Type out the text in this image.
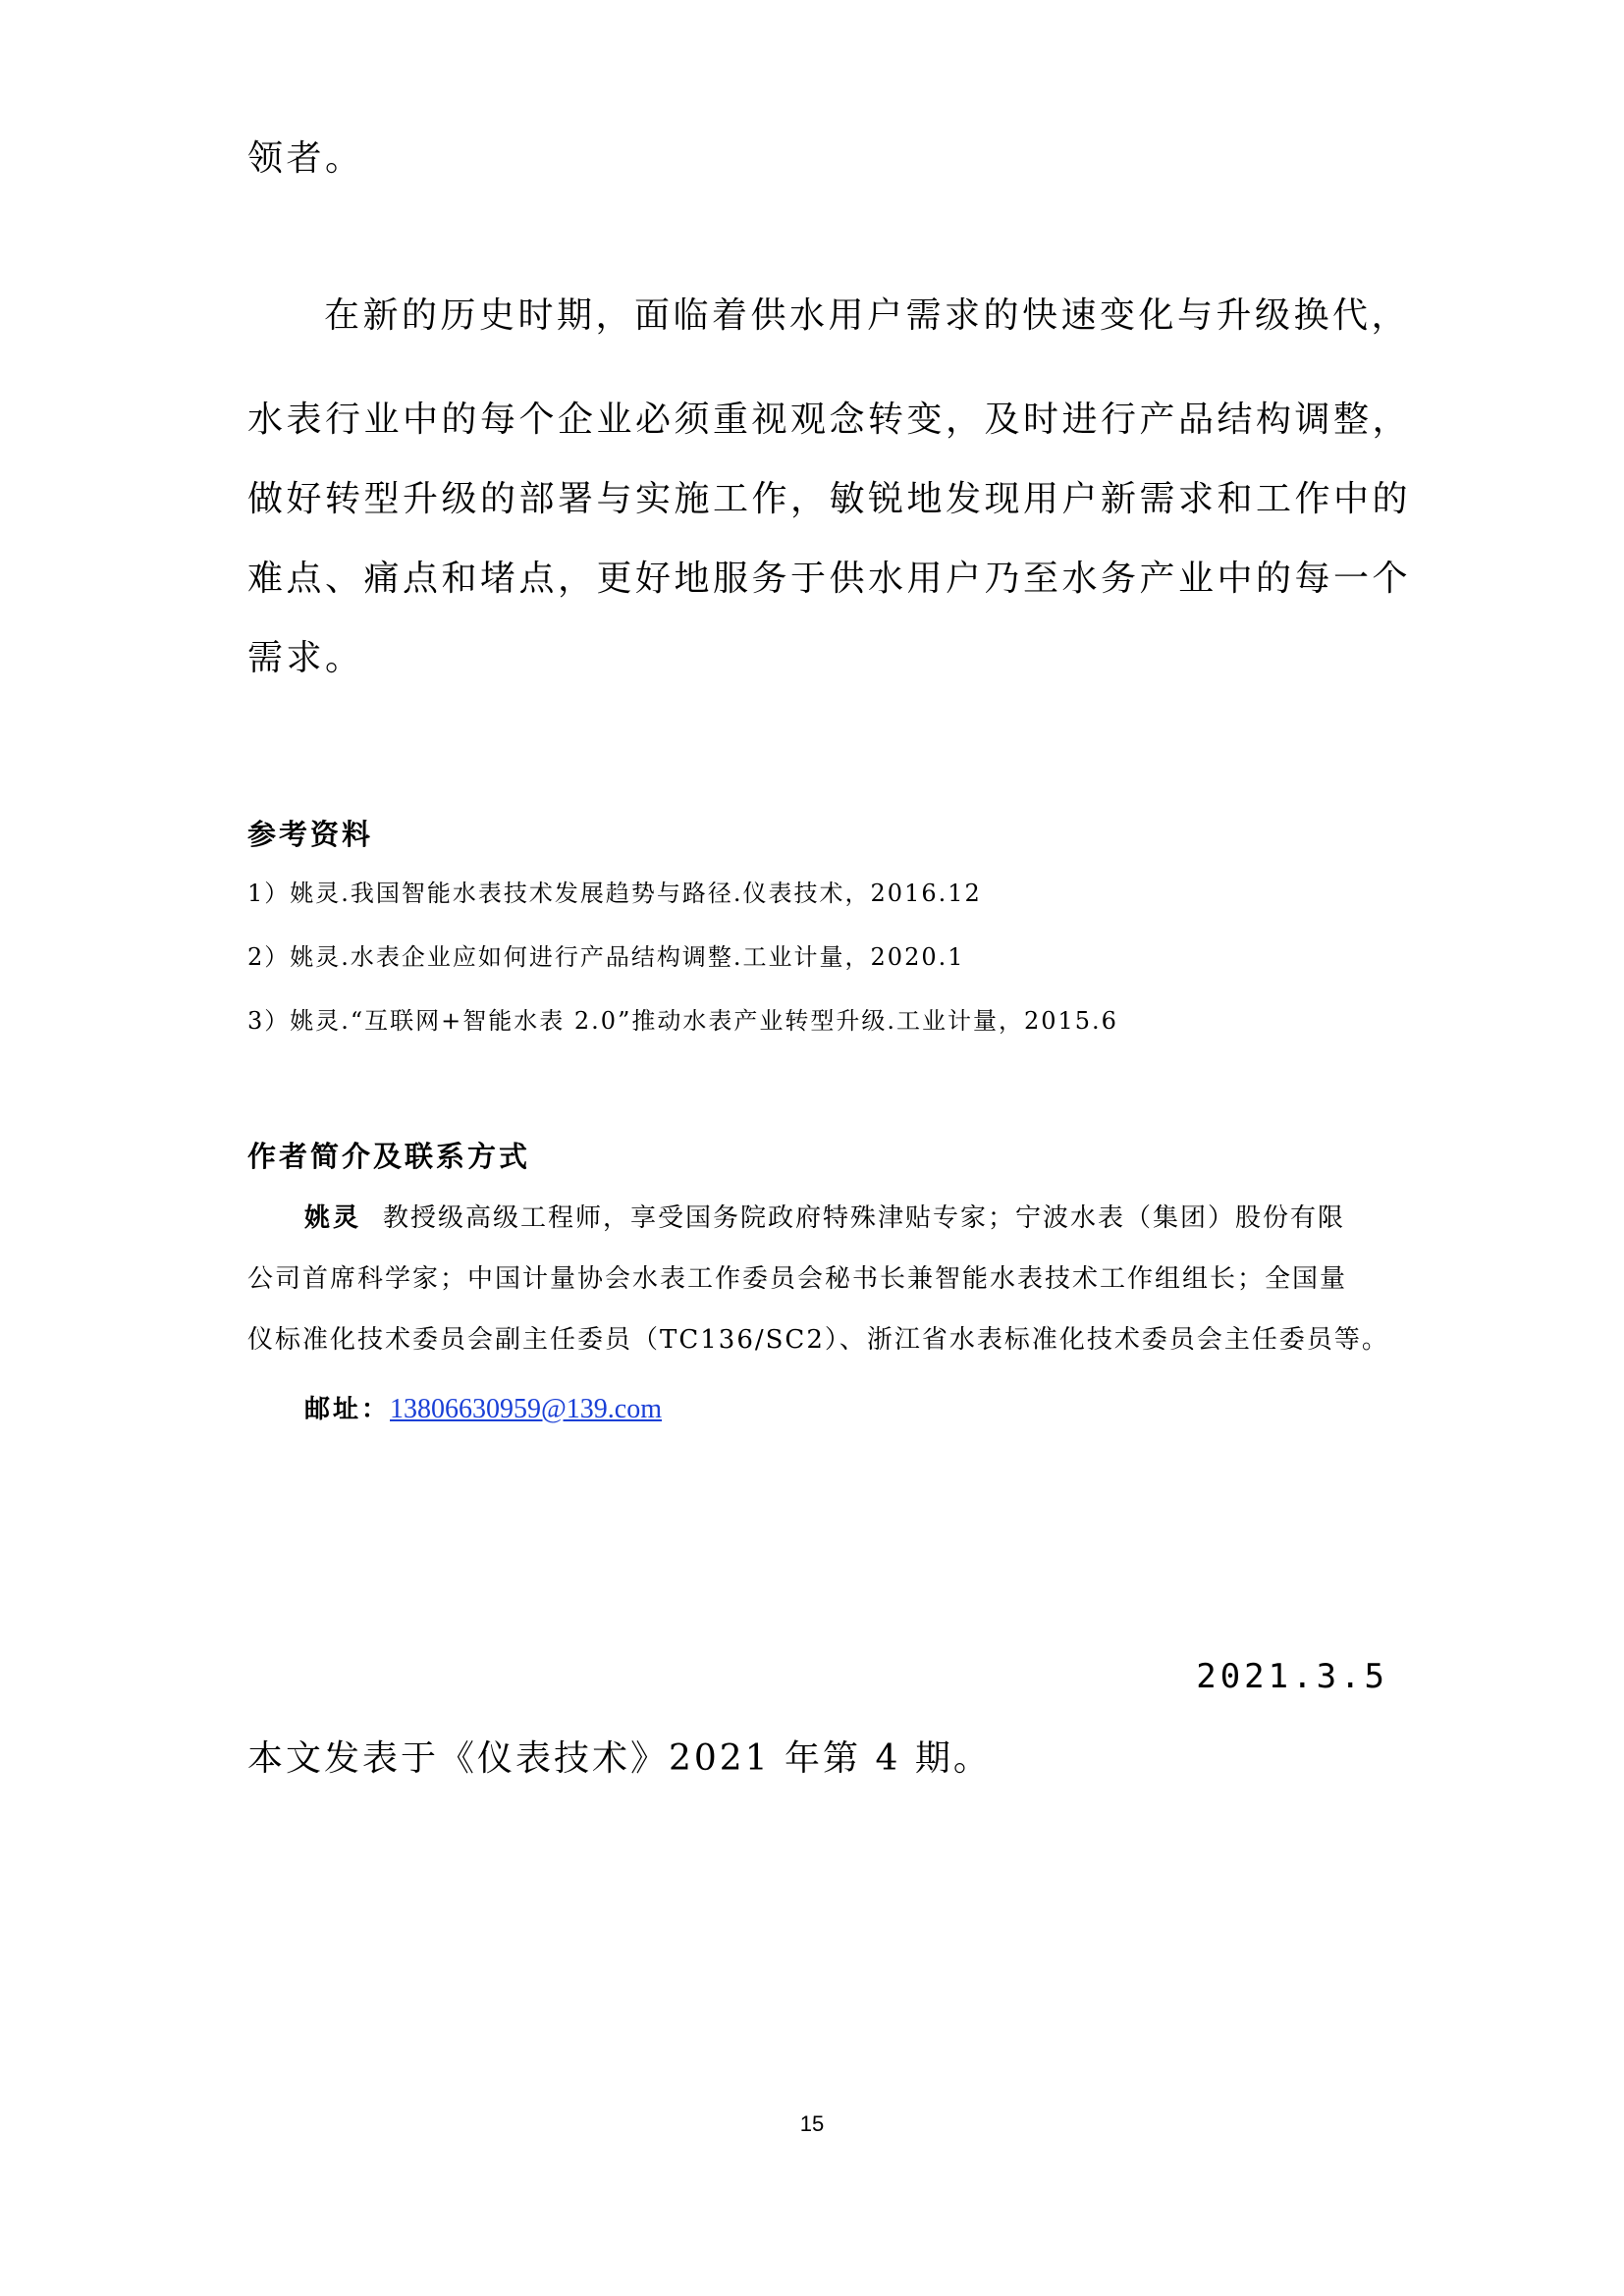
领者。
在新的历史时期，面临着供水用户需求的快速变化与升级换代，
水表行业中的每个企业必须重视观念转变，及时进行产品结构调整，
做好转型升级的部署与实施工作，敏锐地发现用户新需求和工作中的
难点、痛点和堵点，更好地服务于供水用户乃至水务产业中的每一个
需求。
参考资料
1）姚灵.我国智能水表技术发展趋势与路径.仪表技术，2016.12
2）姚灵.水表企业应如何进行产品结构调整.工业计量，2020.1
3）姚灵.“互联网+智能水表 2.0”推动水表产业转型升级.工业计量，2015.6
作者简介及联系方式
姚灵 教授级高级工程师，享受国务院政府特殊津贴专家；宁波水表（集团）股份有限
公司首席科学家；中国计量协会水表工作委员会秘书长兼智能水表技术工作组组长；全国量
仪标准化技术委员会副主任委员（TC136/SC2）、浙江省水表标准化技术委员会主任委员等。
邮址：13806630959@139.com
2021.3.5
本文发表于《仪表技术》2021 年第 4 期。
15
